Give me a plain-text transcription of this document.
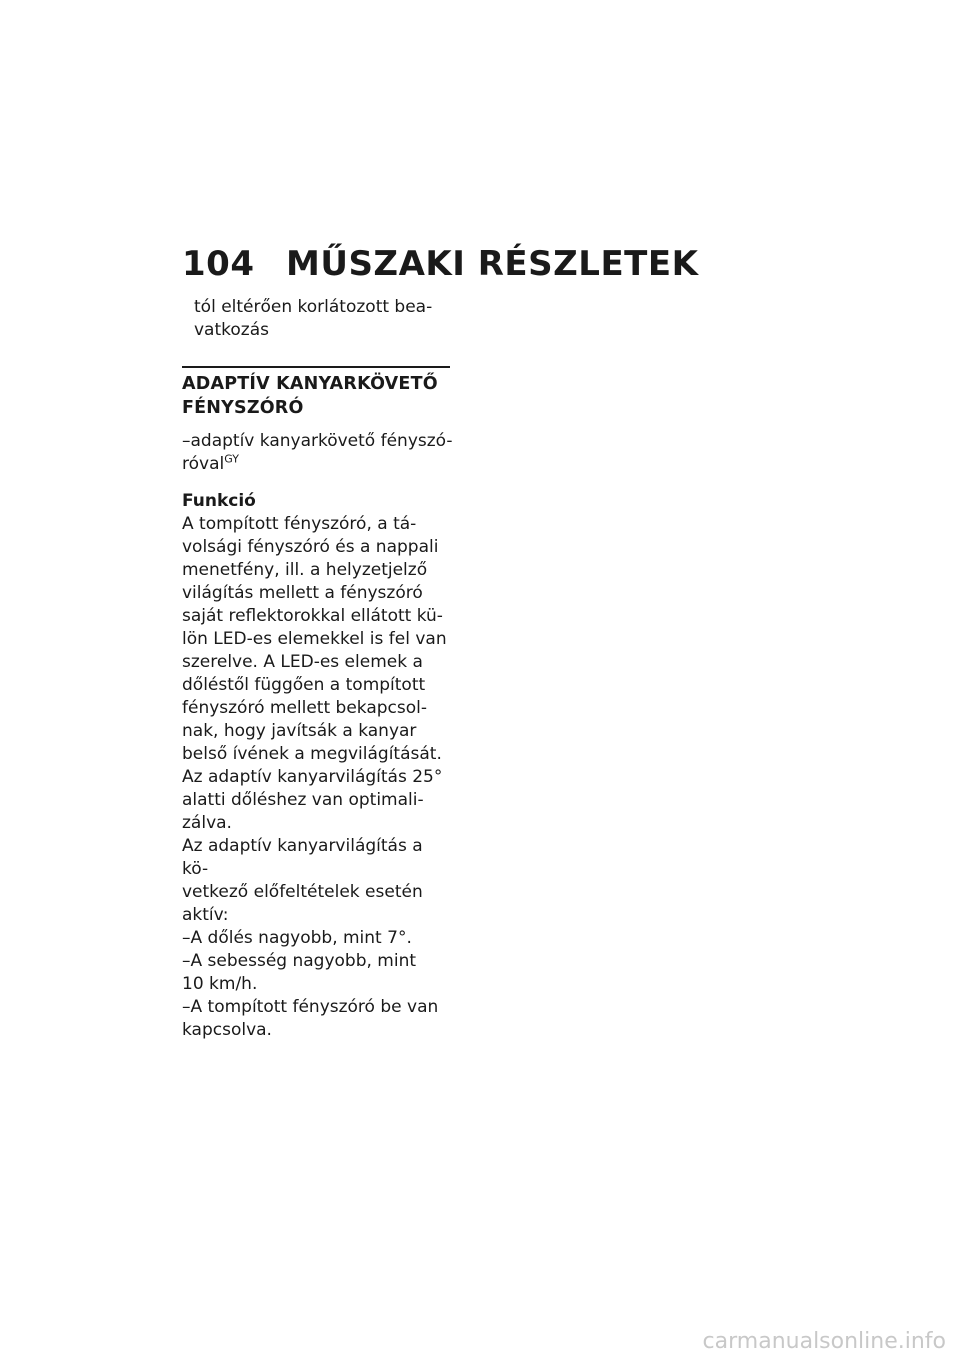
104 MŰSZAKI RÉSZLETEK
tól eltérően korlátozott bea-
vatkozás
ADAPTÍV KANYARKÖVETŐ
FÉNYSZÓRÓ
–adaptív kanyarkövető fényszó-
róval$^{GY}$
Funkció
A tompított fényszóró, a tá-
volsági fényszóró és a nappali
menetfény, ill. a helyzetjelző
világítás mellett a fényszóró
saját reflektorokkal ellátott kü-
lön LED-es elemekkel is fel van
szerelve. A LED-es elemek a
dőléstől függően a tompított
fényszóró mellett bekapcsol-
nak, hogy javítsák a kanyar
belső ívének a megvilágítását.
Az adaptív kanyarvilágítás 25°
alatti dőléshez van optimali-
zálva.
Az adaptív kanyarvilágítás a kö-
vetkező előfeltételek esetén
aktív:
–A dőlés nagyobb, mint 7°.
–A sebesség nagyobb, mint
10 km/h.
–A tompított fényszóró be van
kapcsolva.
carmanualsonline.info
